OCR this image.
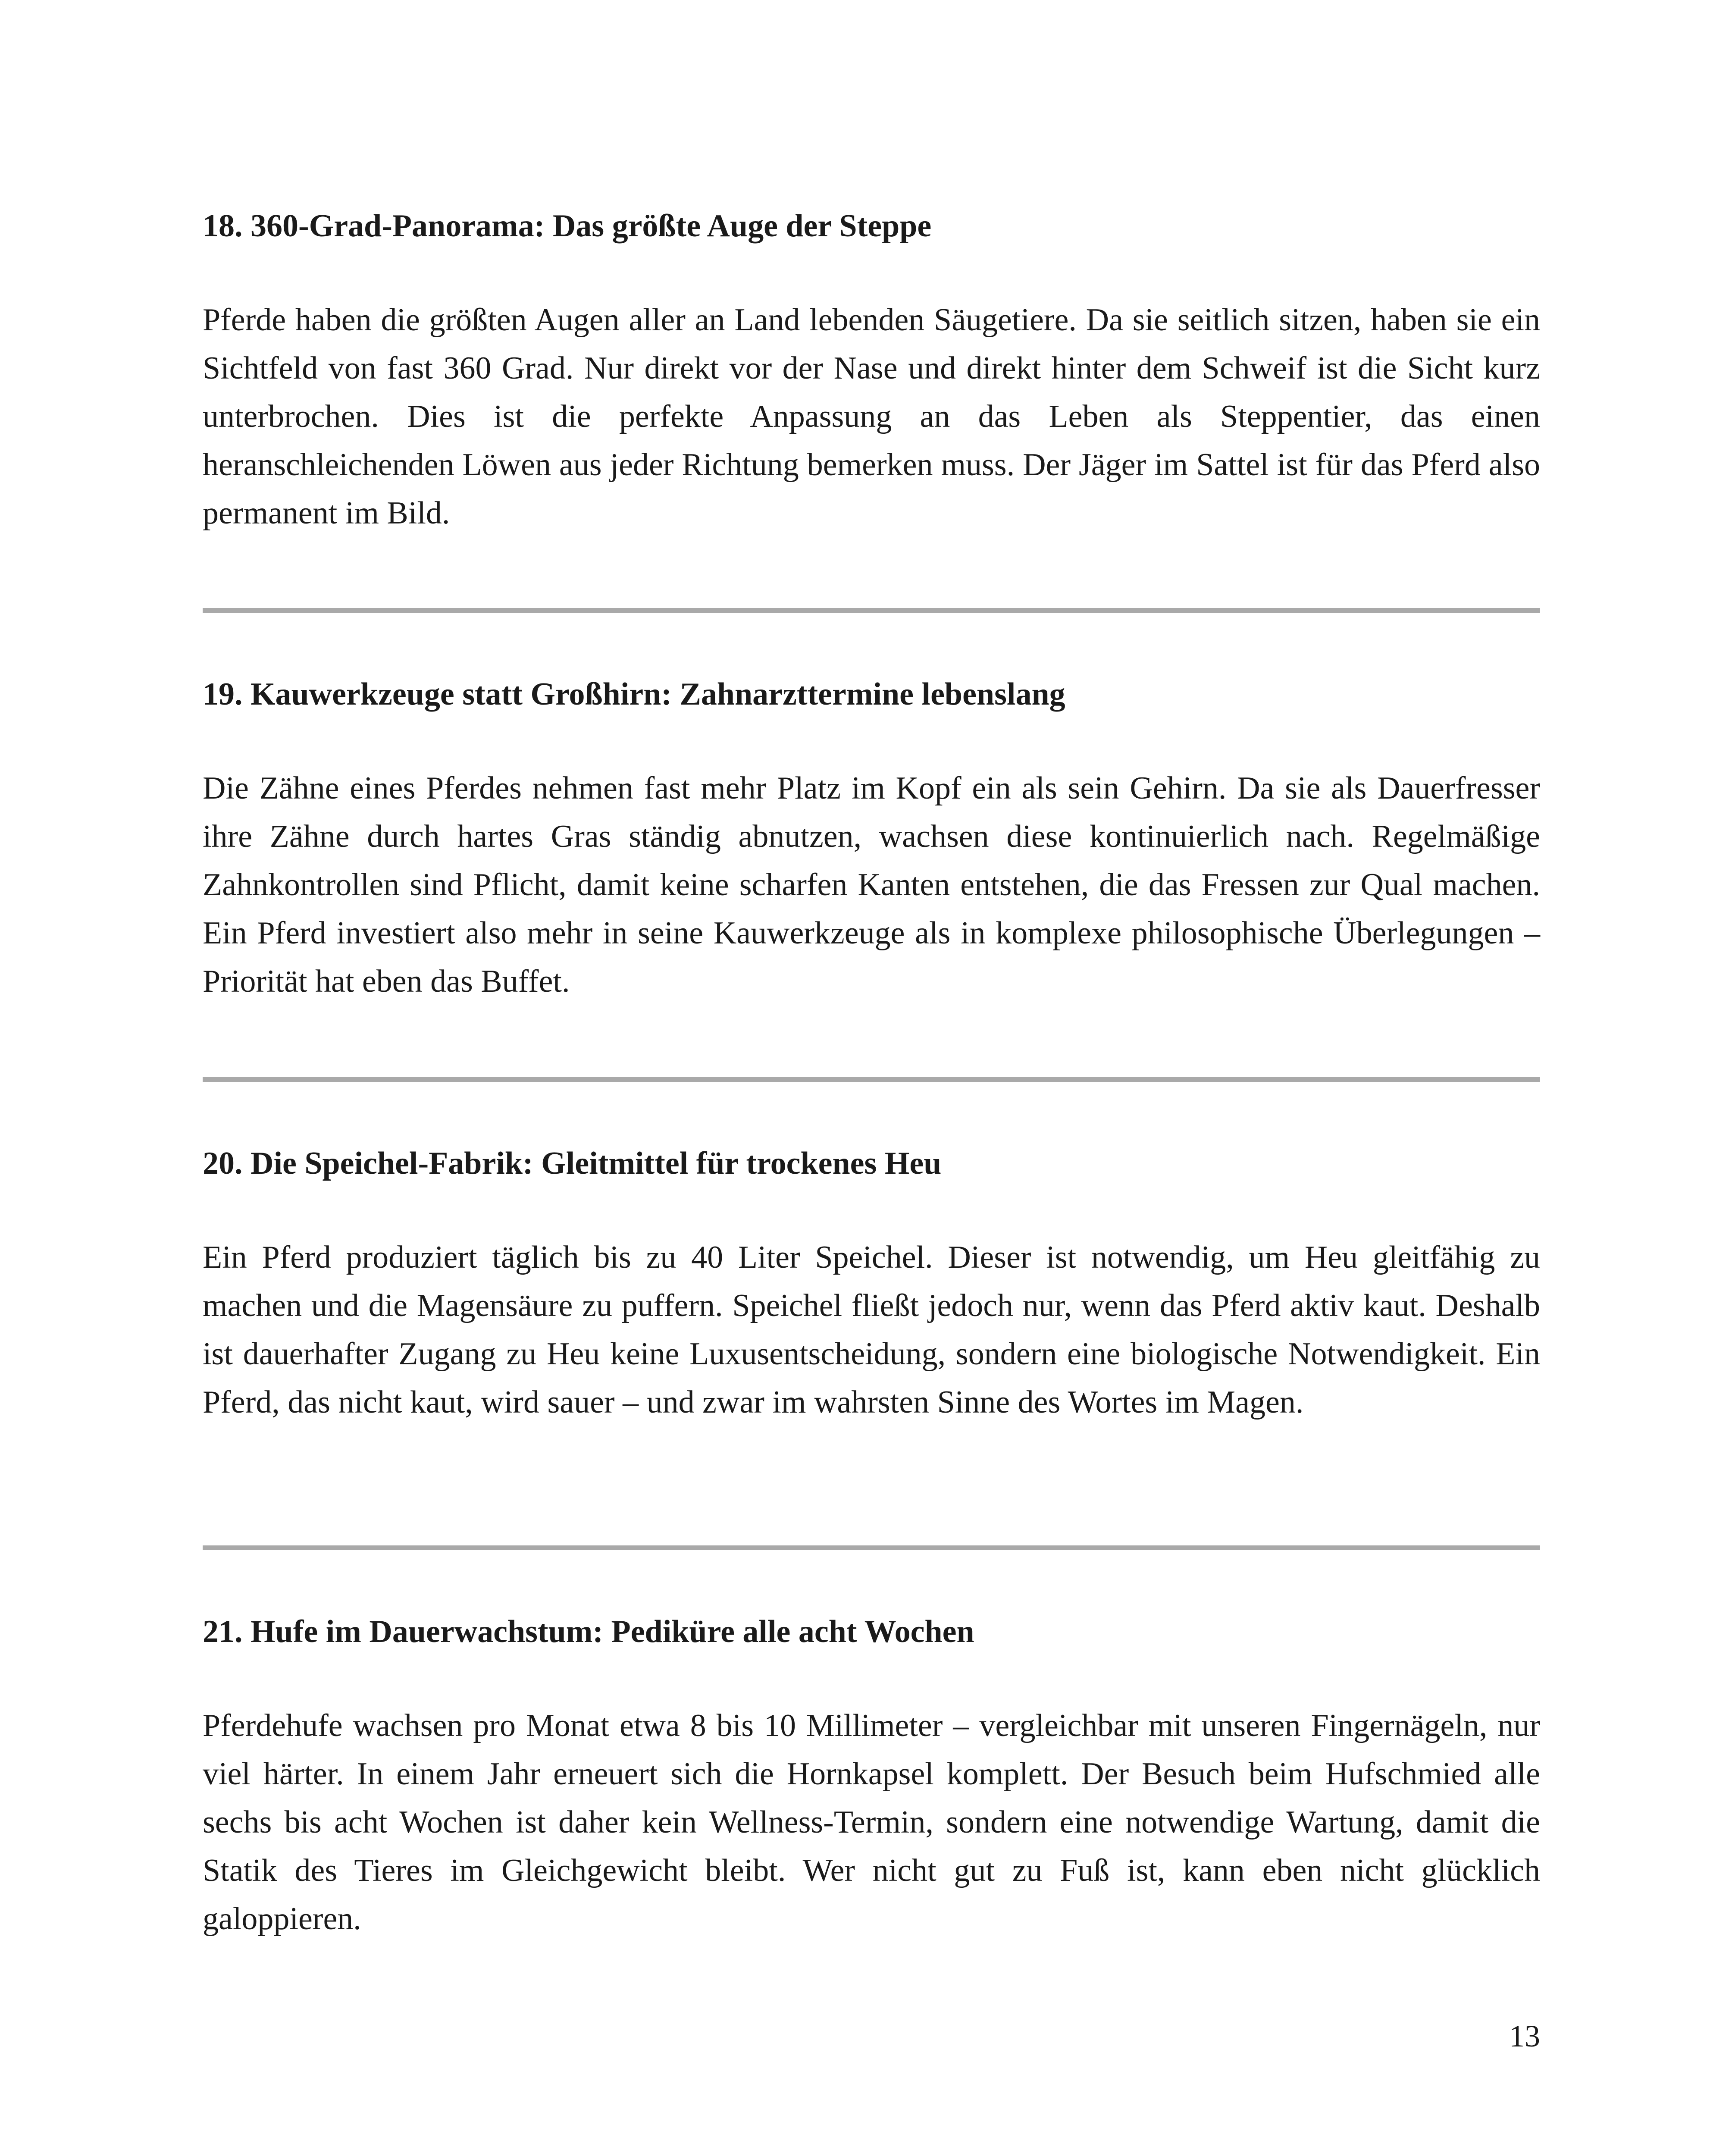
18. 360-Grad-Panorama: Das größte Auge der Steppe

Pferde haben die größten Augen aller an Land lebenden Säugetiere. Da sie seitlich sitzen, haben sie ein Sichtfeld von fast 360 Grad. Nur direkt vor der Nase und direkt hinter dem Schweif ist die Sicht kurz unterbrochen. Dies ist die perfekte Anpassung an das Leben als Steppentier, das einen heranschleichenden Löwen aus jeder Richtung bemerken muss. Der Jäger im Sattel ist für das Pferd also permanent im Bild.

19. Kauwerkzeuge statt Großhirn: Zahnarzttermine lebenslang

Die Zähne eines Pferdes nehmen fast mehr Platz im Kopf ein als sein Gehirn. Da sie als Dauerfresser ihre Zähne durch hartes Gras ständig abnutzen, wachsen diese kontinuierlich nach. Regelmäßige Zahnkontrollen sind Pflicht, damit keine scharfen Kanten entstehen, die das Fressen zur Qual machen. Ein Pferd investiert also mehr in seine Kauwerkzeuge als in komplexe philosophische Überlegungen – Priorität hat eben das Buffet.

20. Die Speichel-Fabrik: Gleitmittel für trockenes Heu

Ein Pferd produziert täglich bis zu 40 Liter Speichel. Dieser ist notwendig, um Heu gleitfähig zu machen und die Magensäure zu puffern. Speichel fließt jedoch nur, wenn das Pferd aktiv kaut. Deshalb ist dauerhafter Zugang zu Heu keine Luxusentscheidung, sondern eine biologische Notwendigkeit. Ein Pferd, das nicht kaut, wird sauer – und zwar im wahrsten Sinne des Wortes im Magen.

21. Hufe im Dauerwachstum: Pediküre alle acht Wochen

Pferdehufe wachsen pro Monat etwa 8 bis 10 Millimeter – vergleichbar mit unseren Fingernägeln, nur viel härter. In einem Jahr erneuert sich die Hornkapsel komplett. Der Besuch beim Hufschmied alle sechs bis acht Wochen ist daher kein Wellness-Termin, sondern eine notwendige Wartung, damit die Statik des Tieres im Gleichgewicht bleibt. Wer nicht gut zu Fuß ist, kann eben nicht glücklich galoppieren.

13
